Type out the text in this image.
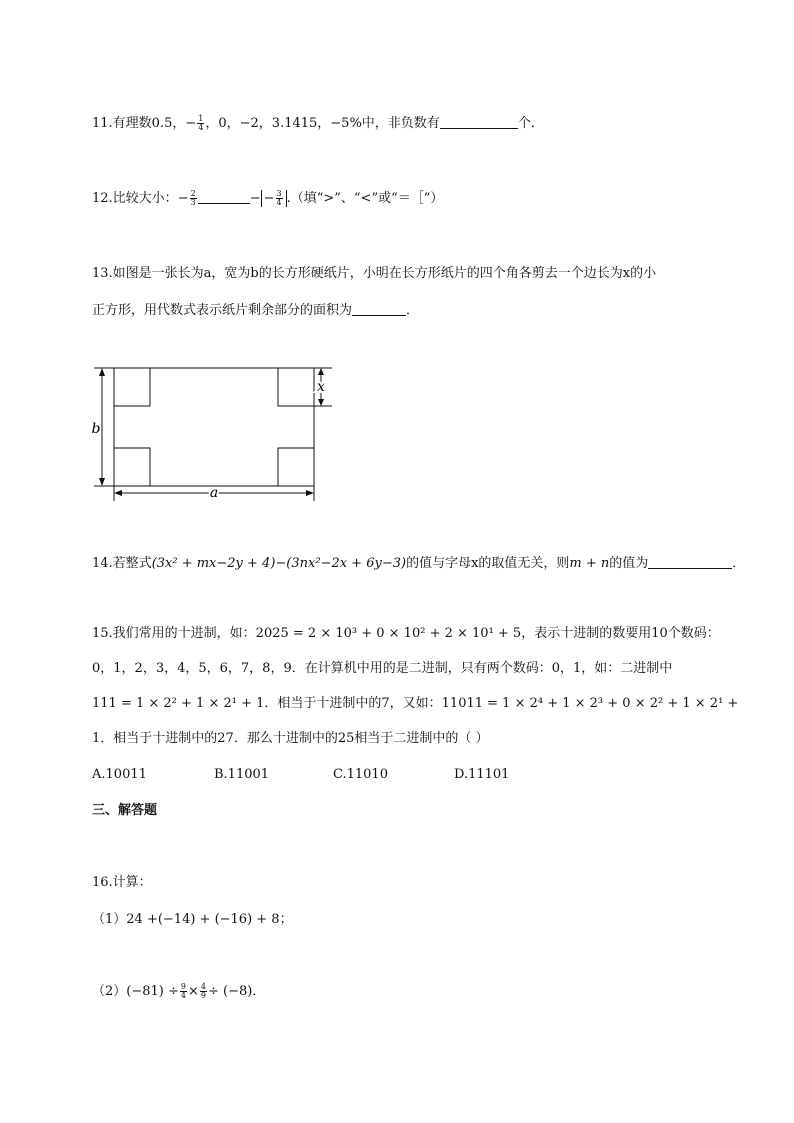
11.有理数0.5，− $\frac{1}{4}$ ，0，−2，3.1415，−5%中，非负数有	个．
12.比较大小：− $\frac{2}{3}$	− − $\frac{3}{4}$ .（填“>”、“<”或“＝［”）
13.如图是一张长为a，宽为b的长方形硬纸片，小明在长方形纸片的四个角各剪去一个边长为x的小
正方形，用代数式表示纸片剩余部分的面积为	．
b
a
x
14.若整式(3x² + mx−2y + 4)−(3nx²−2x + 6y−3)的值与字母x的取值无关，则m + n的值为	．
15.我们常用的十进制，如：2025 = 2 × 10³ + 0 × 10² + 2 × 10¹ + 5，表示十进制的数要用10个数码：
0，1，2，3，4，5，6，7，8，9．在计算机中用的是二进制，只有两个数码：0，1，如：二进制中
111 = 1 × 2² + 1 × 2¹ + 1．相当于十进制中的7，又如：11011 = 1 × 2⁴ + 1 × 2³ + 0 × 2² + 1 × 2¹ +
1．相当于十进制中的27．那么十进制中的25相当于二进制中的（ ）
A.10011	B.11001	C.11010	D.11101
三、解答题
16.计算：
（1）24 +(−14) + (−16) + 8；
$(2)(-81) \div \frac{9}{4} \times \frac{4}{9} \div (-8)$．
